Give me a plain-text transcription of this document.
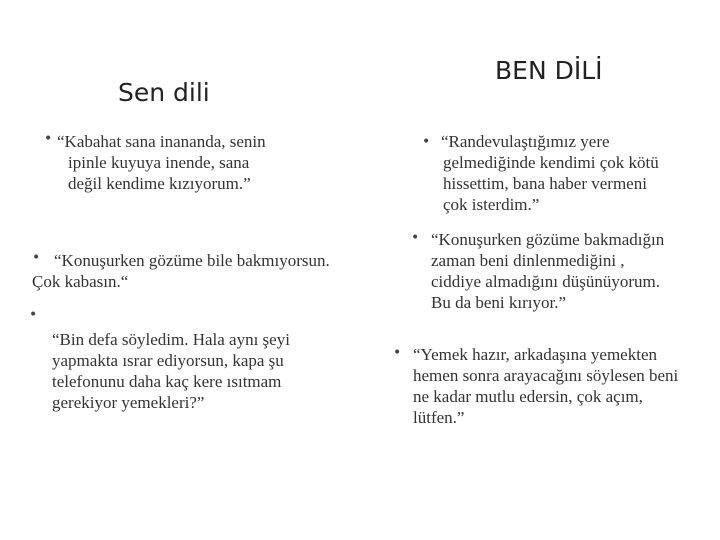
Sen dili
BEN DİLİ
• “Kabahat sana inananda, senin
ipinle kuyuya inende, sana
değil kendime kızıyorum.”
• “Konuşurken gözüme bile bakmıyorsun.
Çok kabasın.“
•
“Bin defa söyledim. Hala aynı şeyi
yapmakta ısrar ediyorsun, kapa şu
telefonunu daha kaç kere ısıtmam
gerekiyor yemekleri?”
• “Randevulaştığımız yere
gelmediğinde kendimi çok kötü
hissettim, bana haber vermeni
çok isterdim.”
• “Konuşurken gözüme bakmadığın
zaman beni dinlenmediğini ,
ciddiye almadığını düşünüyorum.
Bu da beni kırıyor.”
• “Yemek hazır, arkadaşına yemekten
hemen sonra arayacağını söylesen beni
ne kadar mutlu edersin, çok açım,
lütfen.”
